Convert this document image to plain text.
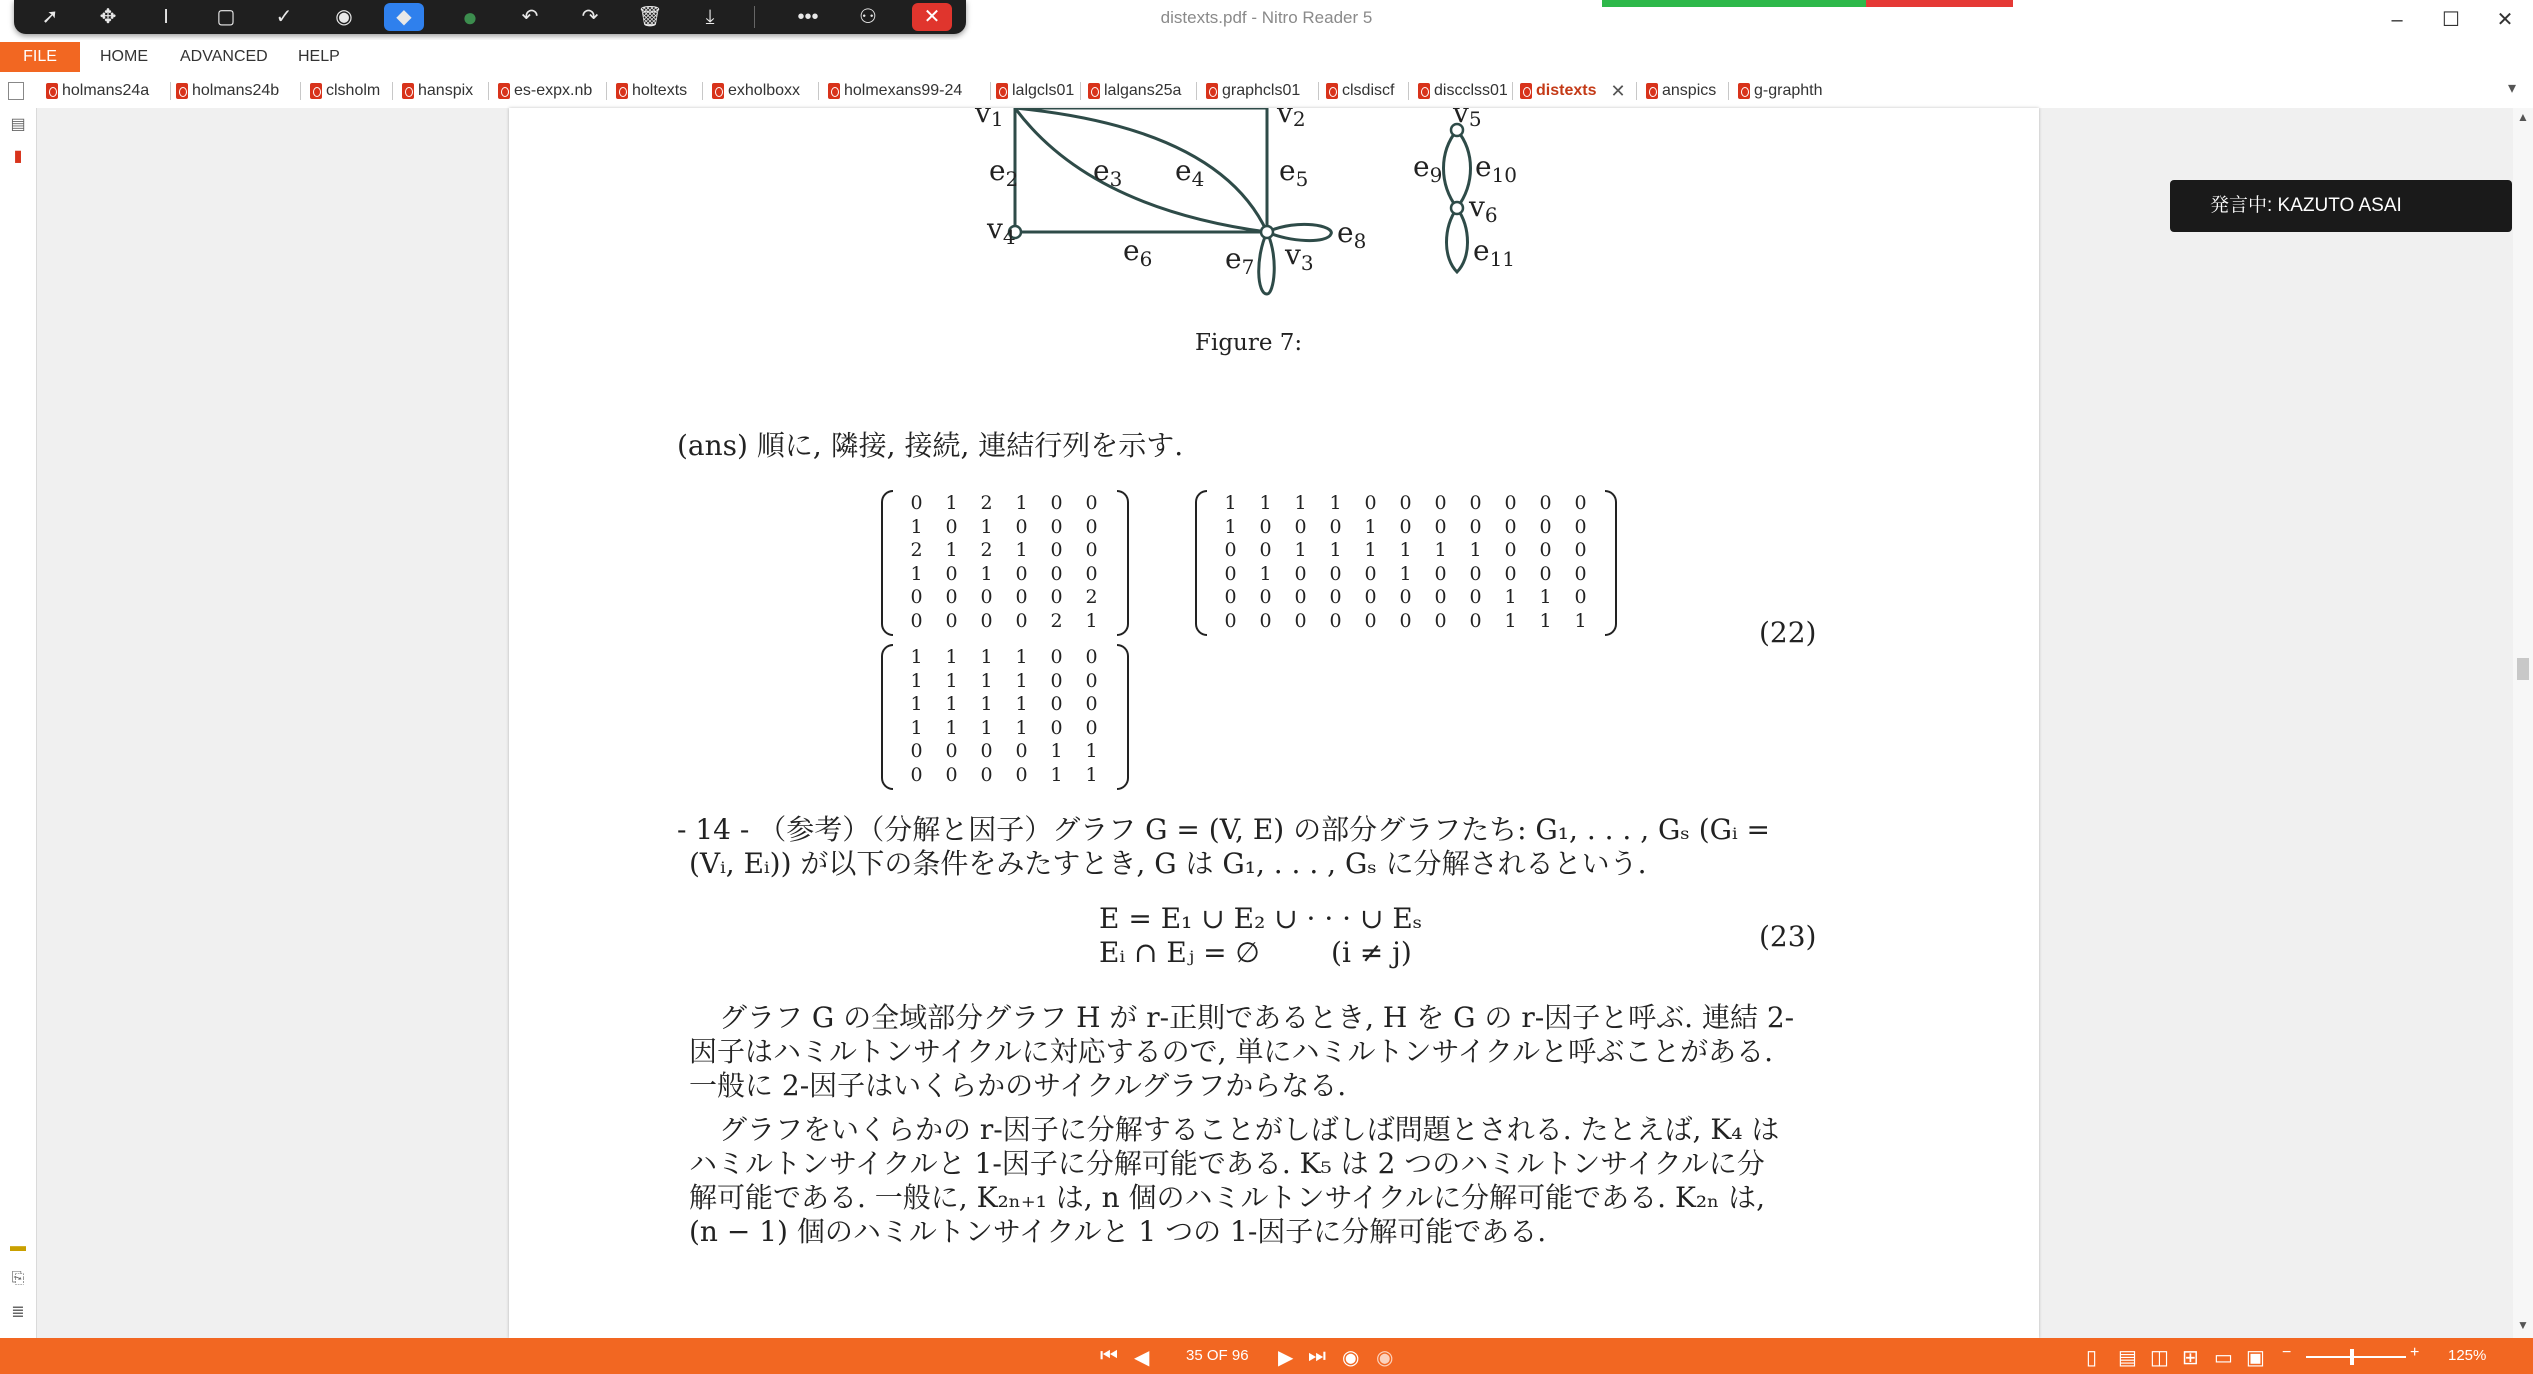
distexts.pdf - Nitro Reader 5	–	☐	✕
➚	✥	I	▢	✓	◉	◆	●	↶	↷	🗑	⤓	•••	⚇	✕
HOME ADVANCED HELP
FILE
holmans24a	holmans24b	clsholm hanspix	es-expx.nb holtexts	exholboxx	holmexans99-24	lalgcls01 lalgans25a	graphcls01	clsdiscf discclss01 distexts ✕ anspics g-graphth	▾
▤
▮
▬
⎘
≣
v1	v2
$e_2$	$e_3$ $e_4$	$e_5$
$v_4$	$e_6$	$e_7$ $v_3$
$e_8$
v5
$e_9$ $e_{10}$
$v_6$
$e_{11}$
Figure 7:
(ans) 順に, 隣接, 接続, 連結行列を示す.
0	1	2	1	0	0
1	0	1	0	0	0
2	1	2	1	0	0
1	0	1	0	0	0
0	0	0	0	0	2
0	0	0	0	2	1
1	1	1	1	0	0	0	0	0	0	0
1	0	0	0	1	0	0	0	0	0	0
0	0	1	1	1	1	1	1	0	0	0
0	1	0	0	0	1	0	0	0	0	0
0	0	0	0	0	0	0	0	1	1	0
0	0	0	0	0	0	0	0	1	1	1	(22)
1	1	1	1	0	0
1	1	1	1	0	0
1	1	1	1	0	0
1	1	1	1	0	0
0	0	0	0	1	1
0	0	0	0	1	1
- 14 - （参考）（分解と因子）グラフ G = (V, E) の部分グラフたち: G₁, . . . , Gₛ (Gᵢ =
(Vᵢ, Eᵢ)) が以下の条件をみたすとき, G は G₁, . . . , Gₛ に分解されるという.
E = E₁ ∪ E₂ ∪ · · · ∪ Eₛ
Eᵢ ∩ Eⱼ = ∅        (i ≠ j)	(23)
グラフ G の全域部分グラフ H が r-正則であるとき, H を G の r-因子と呼ぶ. 連結 2-
因子はハミルトンサイクルに対応するので, 単にハミルトンサイクルと呼ぶことがある.
一般に 2-因子はいくらかのサイクルグラフからなる.
グラフをいくらかの r-因子に分解することがしばしば問題とされる. たとえば, K₄ は
ハミルトンサイクルと 1-因子に分解可能である. K₅ は 2 つのハミルトンサイクルに分
解可能である. 一般に, K₂ₙ₊₁ は, n 個のハミルトンサイクルに分解可能である. K₂ₙ は,
(n − 1) 個のハミルトンサイクルと 1 つの 1-因子に分解可能である.
発言中: KAZUTO ASAI
▲
▼
⏮ ◀ 35 OF 96 ▶ ⏭ ◉ ◉	▯ ▤ ◫ ⊞ ▭ ▣ −	+ 125%
